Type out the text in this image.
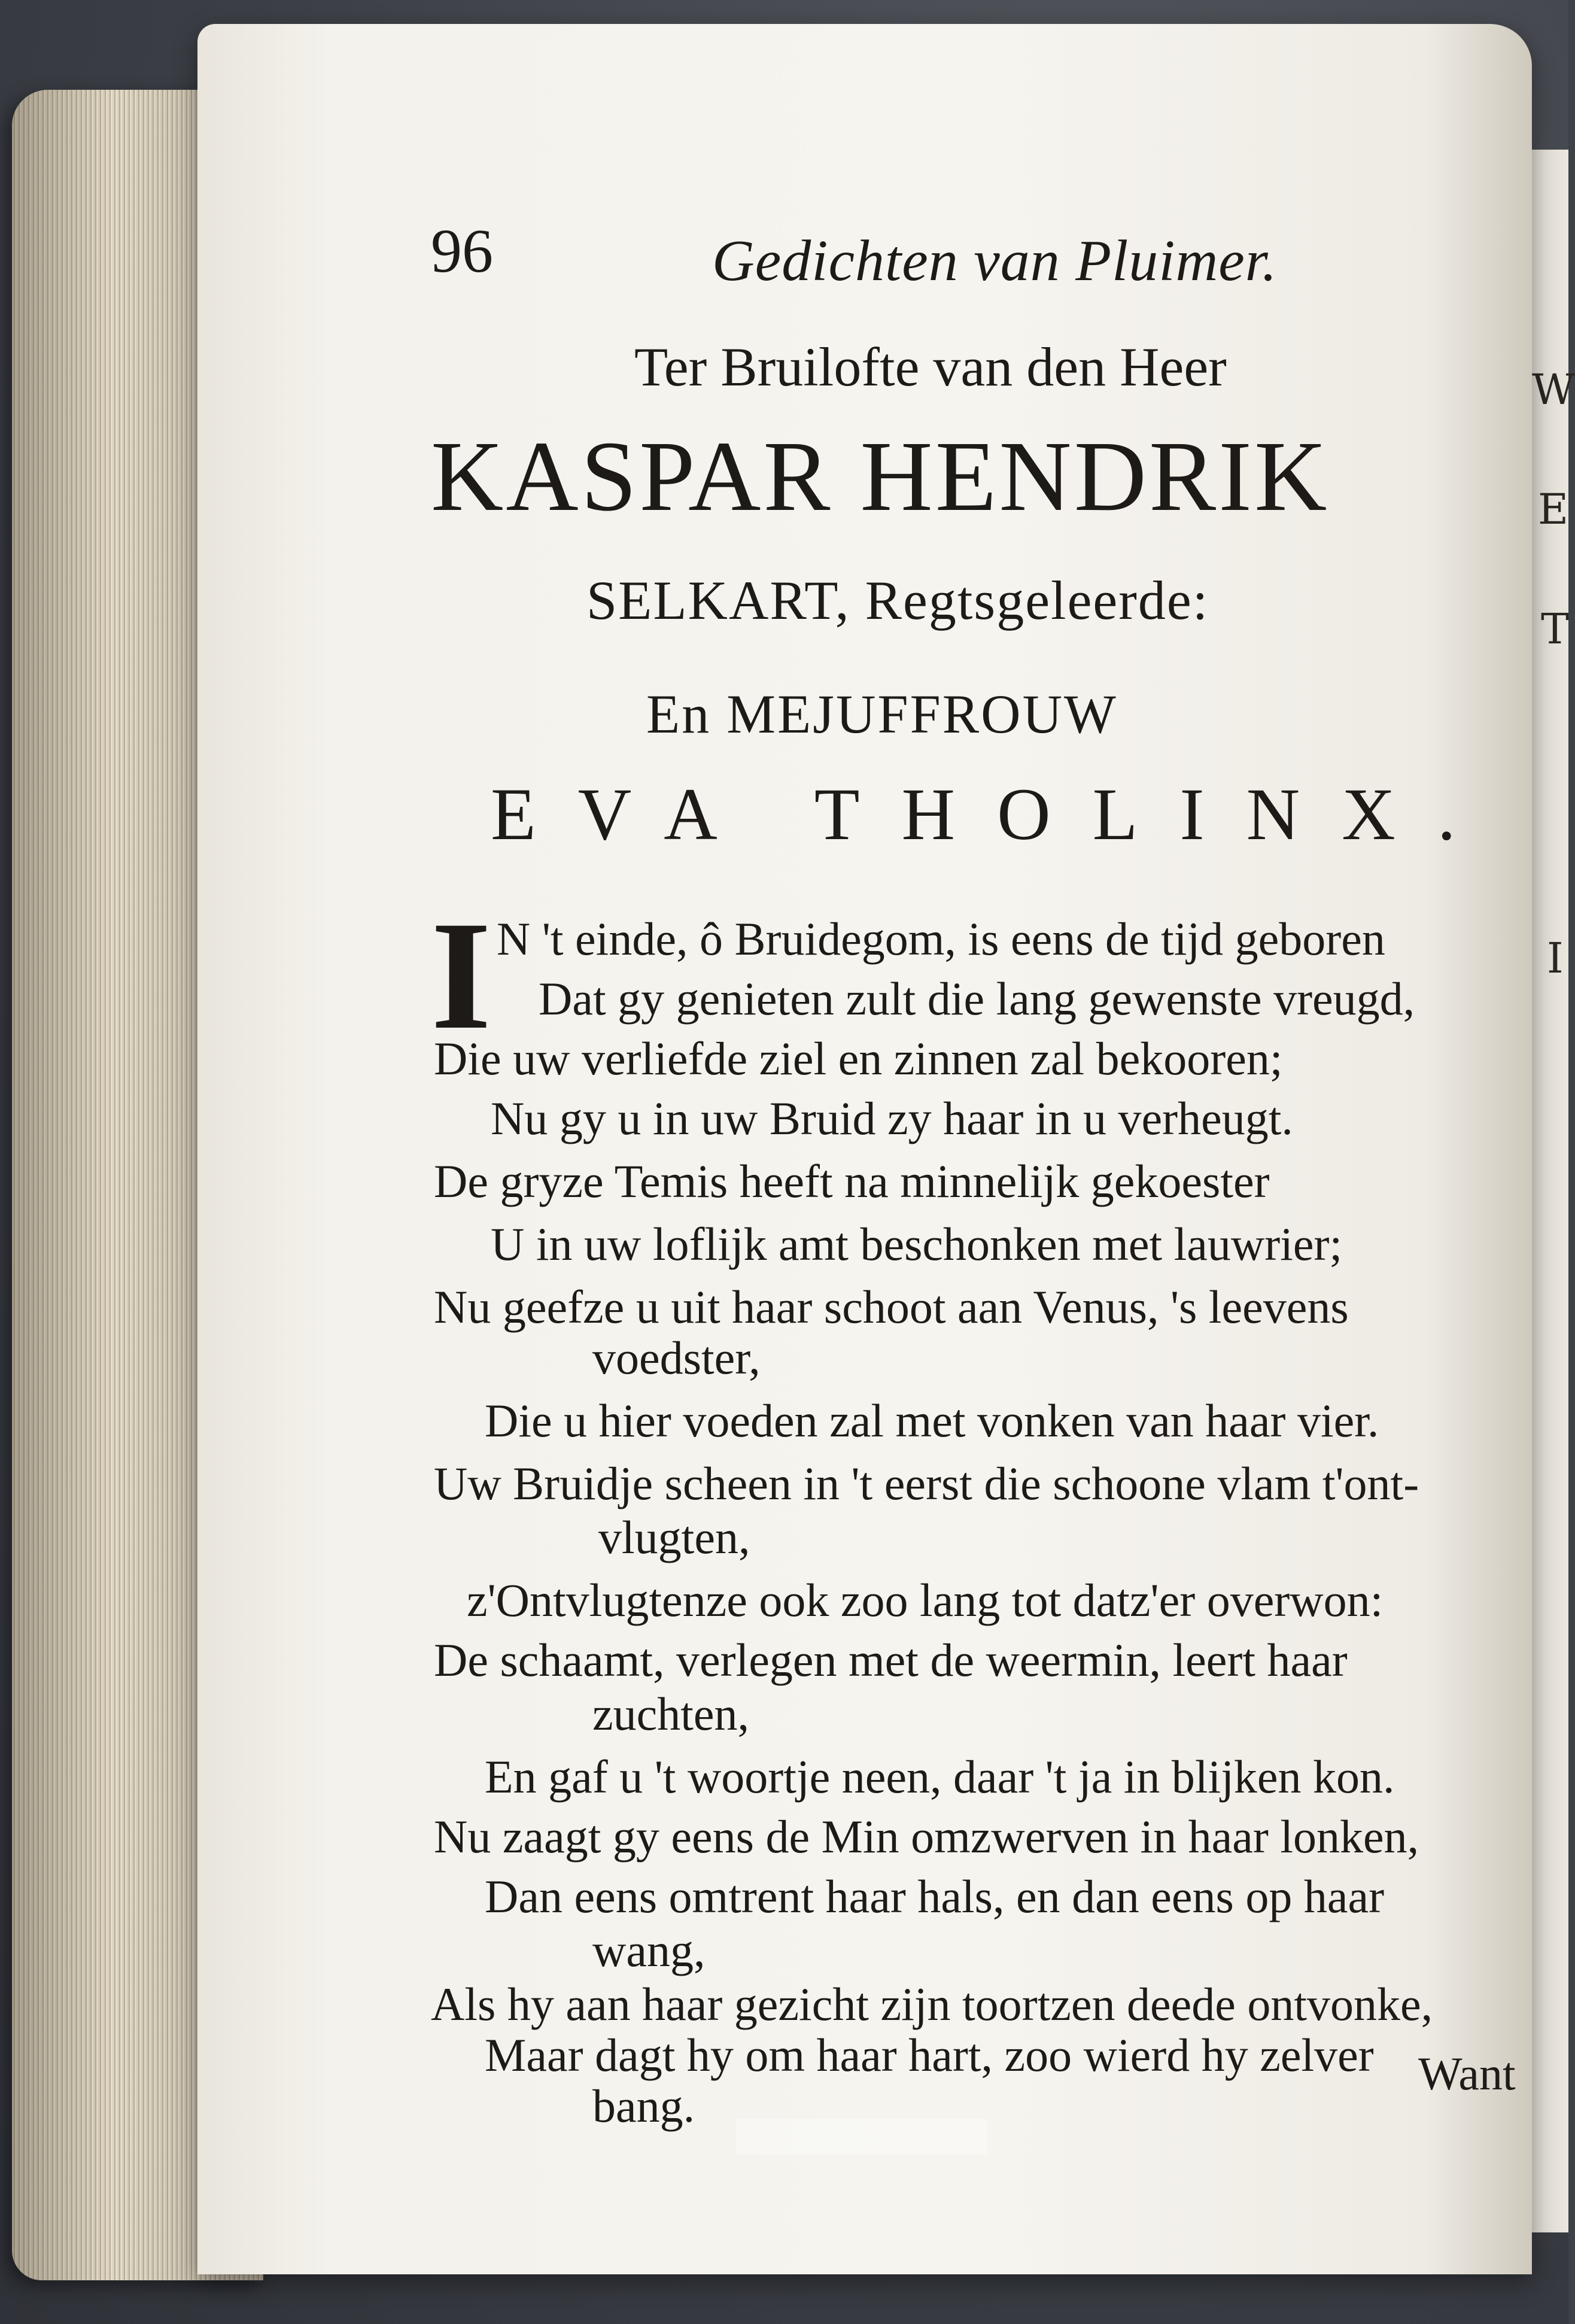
W
E
T
I
96	Gedichten van Pluimer.
Ter Bruilofte van den Heer
KASPAR HENDRIK
SELKART, Regtsgeleerde:
En MEJUFFROUW
EVA THOLINX.
I N 't einde, ô Bruidegom, is eens de tijd geboren
Dat gy genieten zult die lang gewenste vreugd,
Die uw verliefde ziel en zinnen zal bekooren;
Nu gy u in uw Bruid zy haar in u verheugt.
De gryze Temis heeft na minnelijk gekoester
U in uw loflijk amt beschonken met lauwrier;
Nu geefze u uit haar schoot aan Venus, 's leevens
voedster,
Die u hier voeden zal met vonken van haar vier.
Uw Bruidje scheen in 't eerst die schoone vlam t'ont-
vlugten,
z'Ontvlugtenze ook zoo lang tot datz'er overwon:
De schaamt, verlegen met de weermin, leert haar
zuchten,
En gaf u 't woortje neen, daar 't ja in blijken kon.
Nu zaagt gy eens de Min omzwerven in haar lonken,
Dan eens omtrent haar hals, en dan eens op haar
wang,
Als hy aan haar gezicht zijn toortzen deede ontvonke,
Maar dagt hy om haar hart, zoo wierd hy zelver
bang.
Want
